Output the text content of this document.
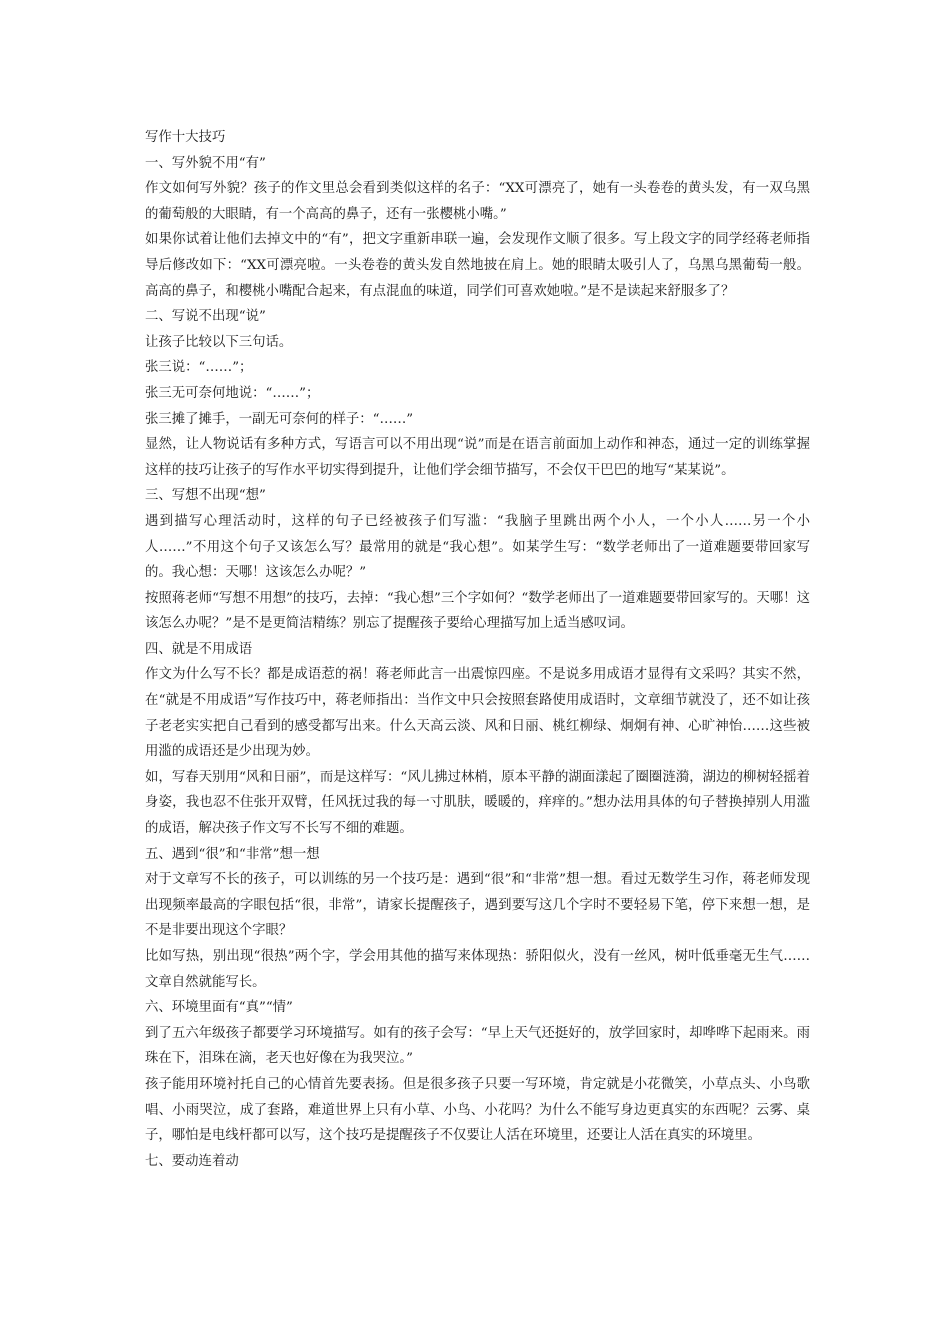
写作十大技巧

一、写外貌不用“有”

作文如何写外貌？孩子的作文里总会看到类似这样的名子：“XX可漂亮了，她有一头卷卷的黄头发，有一双乌黑的葡萄般的大眼睛，有一个高高的鼻子，还有一张樱桃小嘴。”

如果你试着让他们去掉文中的“有”，把文字重新串联一遍，会发现作文顺了很多。写上段文字的同学经蒋老师指导后修改如下：“XX可漂亮啦。一头卷卷的黄头发自然地披在肩上。她的眼睛太吸引人了，乌黑乌黑葡萄一般。高高的鼻子，和樱桃小嘴配合起来，有点混血的味道，同学们可喜欢她啦。”是不是读起来舒服多了？

二、写说不出现“说”

让孩子比较以下三句话。

张三说：“……”；

张三无可奈何地说：“……”；

张三摊了摊手，一副无可奈何的样子：“……”

显然，让人物说话有多种方式，写语言可以不用出现“说”而是在语言前面加上动作和神态，通过一定的训练掌握这样的技巧让孩子的写作水平切实得到提升，让他们学会细节描写，不会仅干巴巴的地写“某某说”。

三、写想不出现“想”

遇到描写心理活动时，这样的句子已经被孩子们写滥：“我脑子里跳出两个小人，一个小人……另一个小人……”不用这个句子又该怎么写？最常用的就是“我心想”。如某学生写：“数学老师出了一道难题要带回家写的。我心想：天哪！这该怎么办呢？”

按照蒋老师“写想不用想”的技巧，去掉：“我心想”三个字如何？“数学老师出了一道难题要带回家写的。天哪！这该怎么办呢？”是不是更简洁精练？别忘了提醒孩子要给心理描写加上适当感叹词。

四、就是不用成语

作文为什么写不长？都是成语惹的祸！蒋老师此言一出震惊四座。不是说多用成语才显得有文采吗？其实不然，在“就是不用成语”写作技巧中，蒋老师指出：当作文中只会按照套路使用成语时，文章细节就没了，还不如让孩子老老实实把自己看到的感受都写出来。什么天高云淡、风和日丽、桃红柳绿、炯炯有神、心旷神怡……这些被用滥的成语还是少出现为妙。

如，写春天别用“风和日丽”，而是这样写：“风儿拂过林梢，原本平静的湖面漾起了圈圈涟漪，湖边的柳树轻摇着身姿，我也忍不住张开双臂，任风抚过我的每一寸肌肤，暖暖的，痒痒的。”想办法用具体的句子替换掉别人用滥的成语，解决孩子作文写不长写不细的难题。

五、遇到“很”和“非常”想一想

对于文章写不长的孩子，可以训练的另一个技巧是：遇到“很”和“非常”想一想。看过无数学生习作，蒋老师发现出现频率最高的字眼包括“很，非常”，请家长提醒孩子，遇到要写这几个字时不要轻易下笔，停下来想一想，是不是非要出现这个字眼？

比如写热，别出现“很热”两个字，学会用其他的描写来体现热：骄阳似火，没有一丝风，树叶低垂毫无生气……文章自然就能写长。

六、环境里面有“真”“情”

到了五六年级孩子都要学习环境描写。如有的孩子会写：“早上天气还挺好的，放学回家时，却哗哗下起雨来。雨珠在下，泪珠在滴，老天也好像在为我哭泣。”

孩子能用环境衬托自己的心情首先要表扬。但是很多孩子只要一写环境，肯定就是小花微笑，小草点头、小鸟歌唱、小雨哭泣，成了套路，难道世界上只有小草、小鸟、小花吗？为什么不能写身边更真实的东西呢？云雾、桌子，哪怕是电线杆都可以写，这个技巧是提醒孩子不仅要让人活在环境里，还要让人活在真实的环境里。

七、要动连着动
